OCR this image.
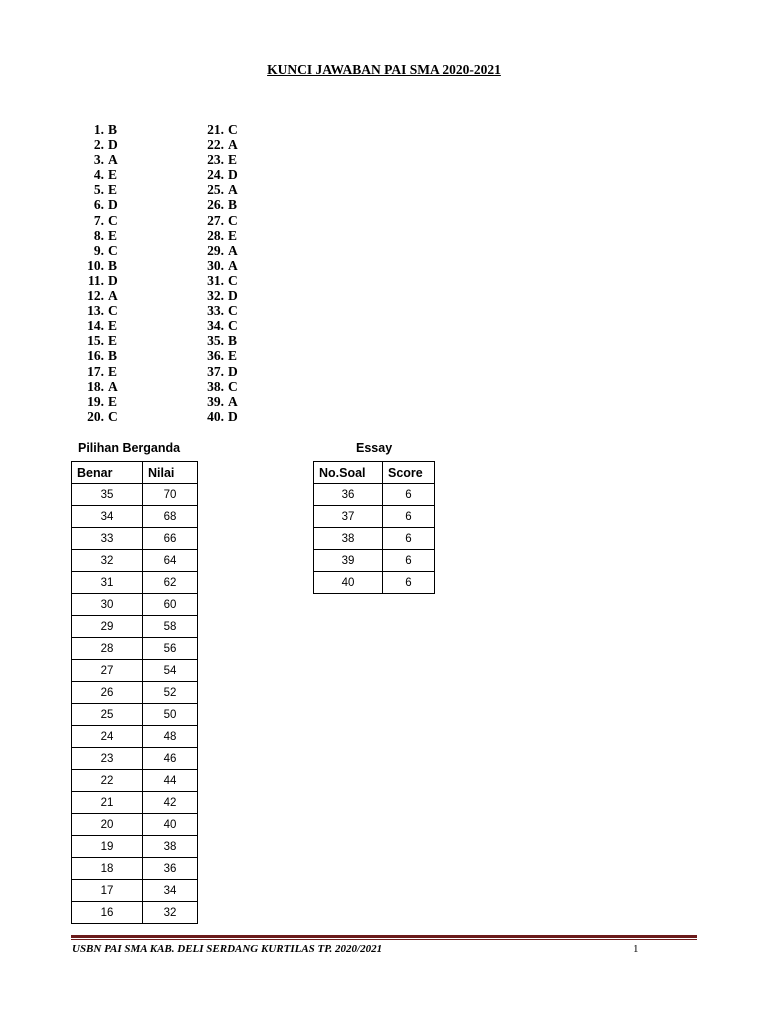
KUNCI JAWABAN PAI SMA 2020-2021
1. B
2. D
3. A
4. E
5. E
6. D
7. C
8. E
9. C
10. B
11. D
12. A
13. C
14. E
15. E
16. B
17. E
18. A
19. E
20. C
21. C
22. A
23. E
24. D
25. A
26. B
27. C
28. E
29. A
30. A
31. C
32. D
33. C
34. C
35. B
36. E
37. D
38. C
39. A
40. D
Pilihan Berganda	Essay
Benar	Nilai
35	70
34	68
33	66
32	64
31	62
30	60
29	58
28	56
27	54
26	52
25	50
24	48
23	46
22	44
21	42
20	40
19	38
18	36
17	34
16	32
No.Soal	Score
36	6
37	6
38	6
39	6
40	6
USBN PAI SMA KAB. DELI SERDANG KURTILAS TP. 2020/2021	1
